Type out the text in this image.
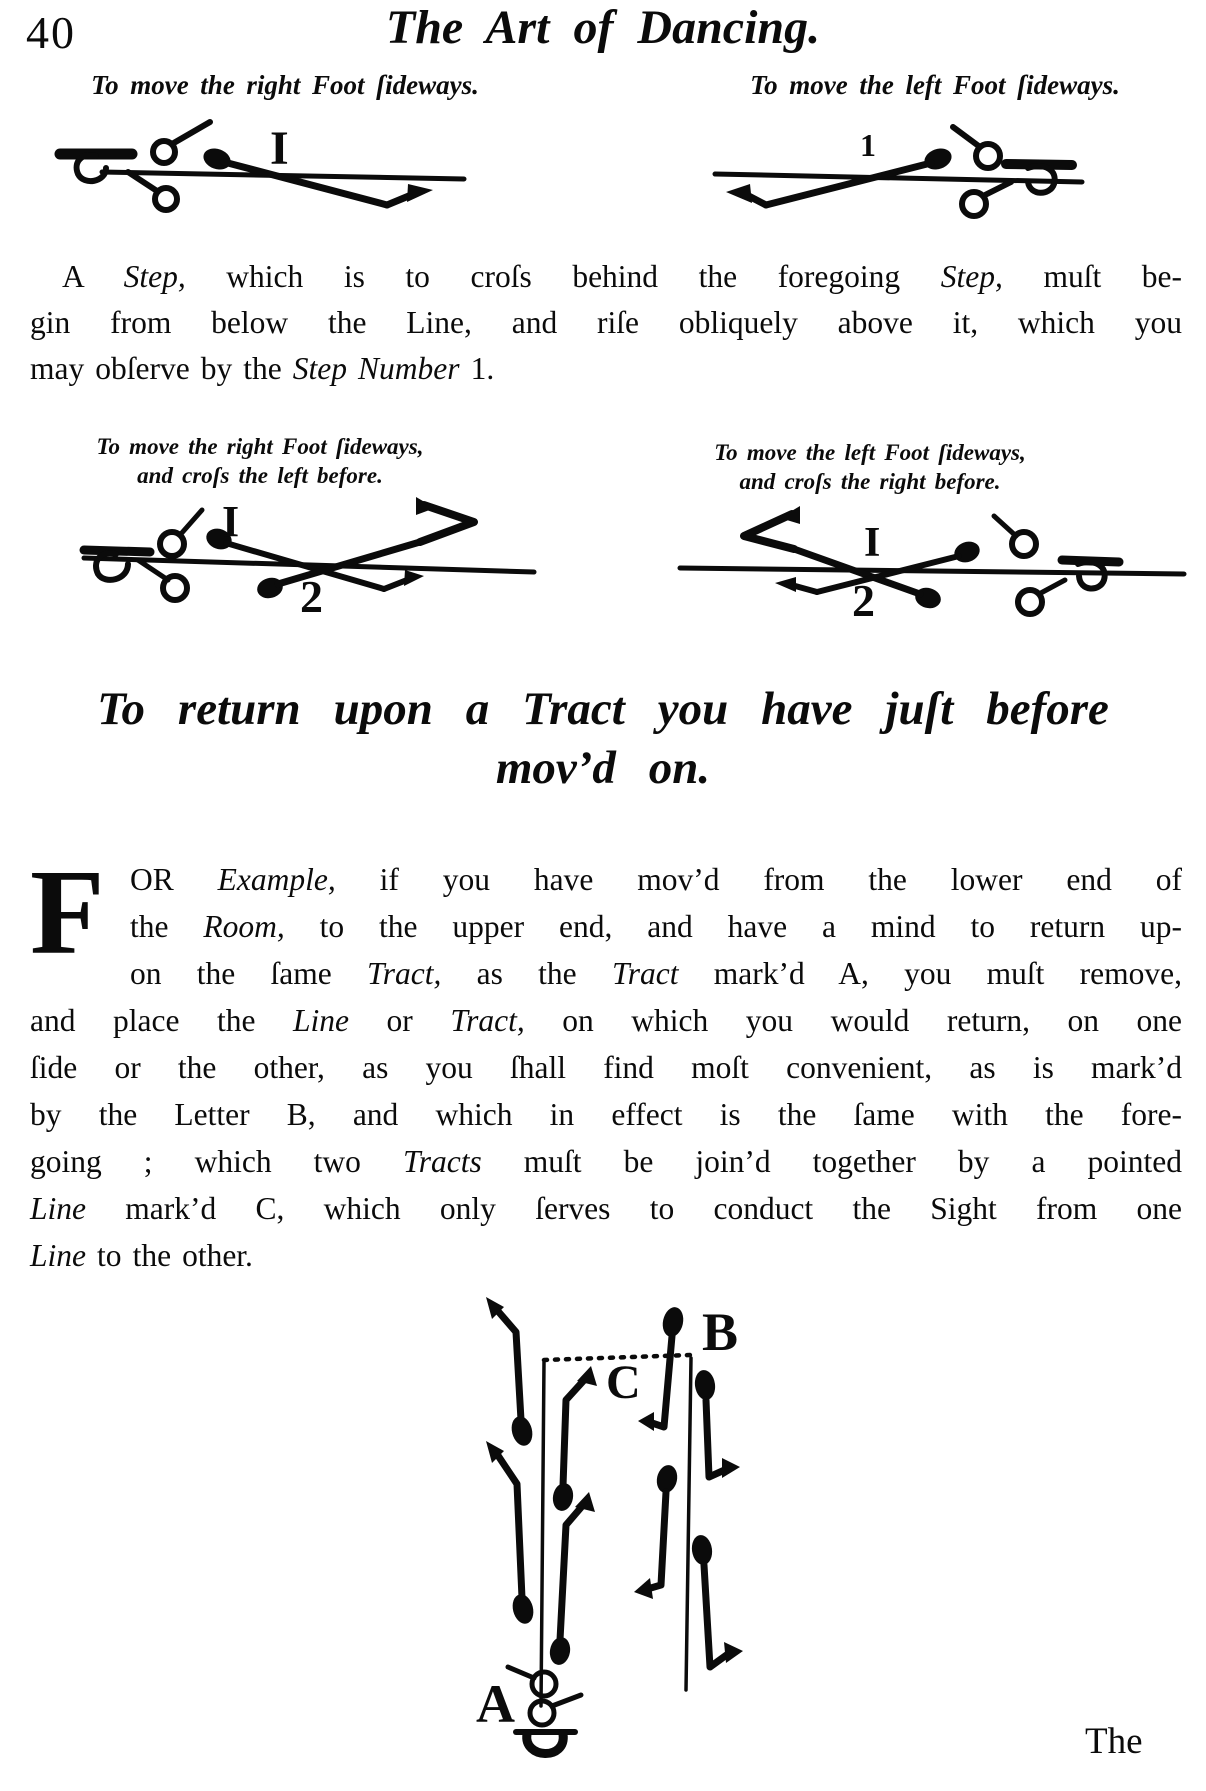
40	The Art of Dancing.
To move the right Foot ſideways.	To move the left Foot ſideways.
I	1
A Step, which is to croſs behind the foregoing Step, muſt be-
gin from below the Line, and riſe obliquely above it, which you
may obſerve by the Step Number 1.
To move the right Foot ſideways,
and croſs the left before.
To move the left Foot ſideways,
and croſs the right before.
I
2
I
2
To return upon a Tract you have juſt before
mov’d on.
F OR Example, if you have mov’d from the lower end of
the Room, to the upper end, and have a mind to return up-
on the ſame Tract, as the Tract mark’d A, you muſt remove,
and place the Line or Tract, on which you would return, on one
ſide or the other, as you ſhall find moſt convenient, as is mark’d
by the Letter B, and which in effect is the ſame with the fore-
going ; which two Tracts muſt be join’d together by a pointed
Line mark’d C, which only ſerves to conduct the Sight from one
Line to the other.
A
B
C
The
